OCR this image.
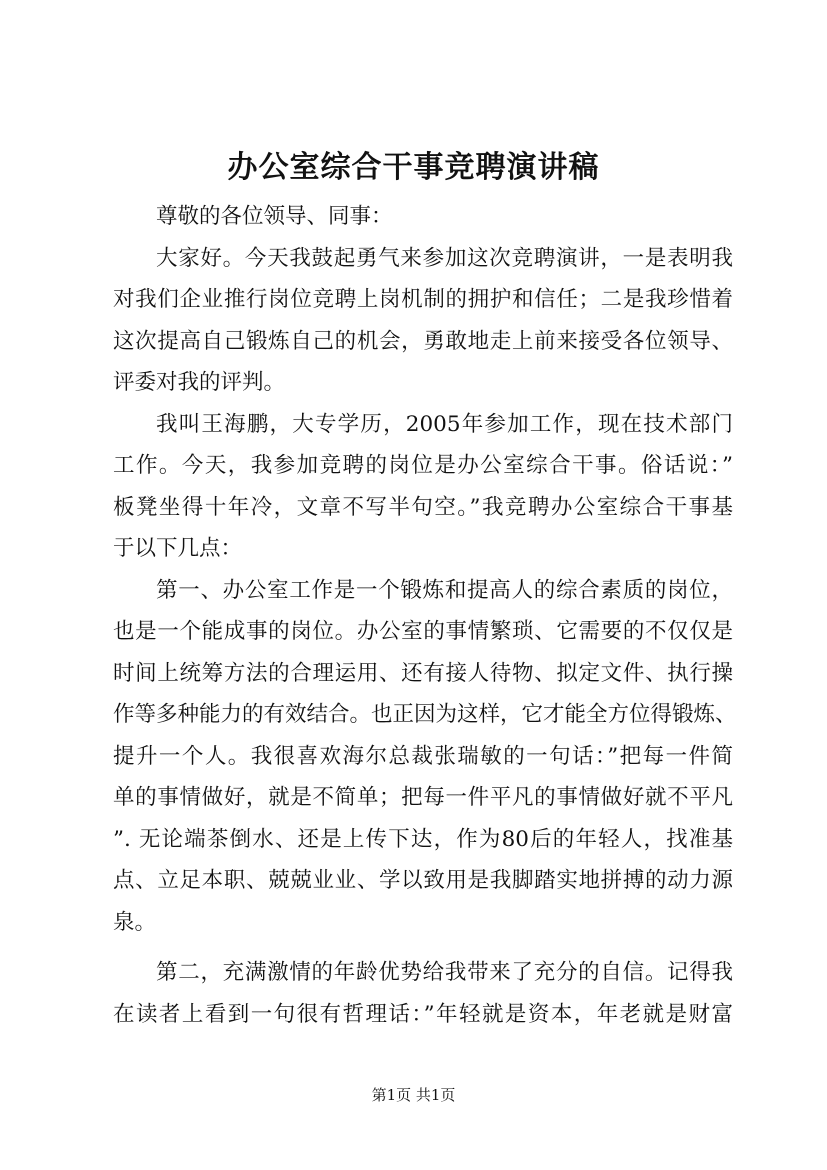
办公室综合干事竞聘演讲稿
尊敬的各位领导、同事：
大家好。今天我鼓起勇气来参加这次竞聘演讲，一是表明我
对我们企业推行岗位竞聘上岗机制的拥护和信任；二是我珍惜着
这次提高自己锻炼自己的机会，勇敢地走上前来接受各位领导、
评委对我的评判。
我叫王海鹏，大专学历，2005年参加工作，现在技术部门
工作。今天，我参加竞聘的岗位是办公室综合干事。俗话说：”
板凳坐得十年冷，文章不写半句空。”我竞聘办公室综合干事基
于以下几点：
第一、办公室工作是一个锻炼和提高人的综合素质的岗位，
也是一个能成事的岗位。办公室的事情繁琐、它需要的不仅仅是
时间上统筹方法的合理运用、还有接人待物、拟定文件、执行操
作等多种能力的有效结合。也正因为这样，它才能全方位得锻炼、
提升一个人。我很喜欢海尔总裁张瑞敏的一句话：”把每一件简
单的事情做好，就是不简单；把每一件平凡的事情做好就不平凡
”. 无论端茶倒水、还是上传下达，作为80后的年轻人，找准基
点、立足本职、兢兢业业、学以致用是我脚踏实地拼搏的动力源
泉。
第二，充满激情的年龄优势给我带来了充分的自信。记得我
在读者上看到一句很有哲理话：”年轻就是资本，年老就是财富
第1页 共1页
